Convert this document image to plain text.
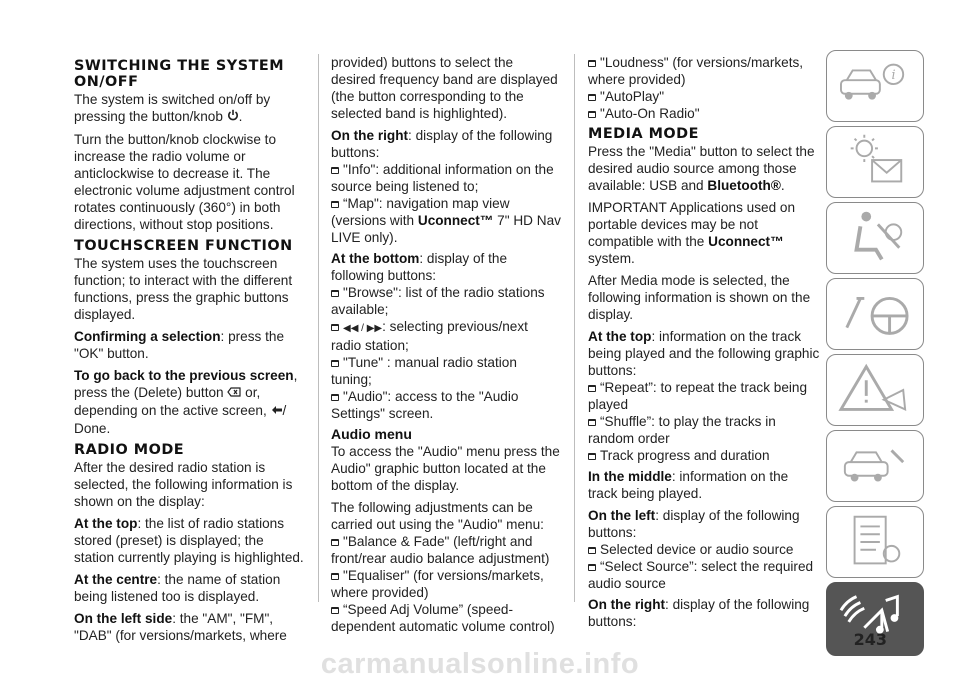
SWITCHING THE SYSTEM ON/OFF

The system is switched on/off by pressing the button/knob .

Turn the button/knob clockwise to increase the radio volume or anticlockwise to decrease it. The electronic volume adjustment control rotates continuously (360°) in both directions, without stop positions.

TOUCHSCREEN FUNCTION

The system uses the touchscreen function; to interact with the different functions, press the graphic buttons displayed.

Confirming a selection: press the "OK" button.

To go back to the previous screen, press the (Delete) button  or, depending on the active screen, / Done.

RADIO MODE

After the desired radio station is selected, the following information is shown on the display:

At the top: the list of radio stations stored (preset) is displayed; the station currently playing is highlighted.

At the centre: the name of station being listened too is displayed.

On the left side: the "AM", "FM", "DAB" (for versions/markets, where

provided) buttons to select the desired frequency band are displayed (the button corresponding to the selected band is highlighted).

On the right: display of the following buttons:

"Info": additional information on the source being listened to;
“Map": navigation map view (versions with Uconnect™ 7" HD Nav LIVE only).

At the bottom: display of the following buttons:

"Browse": list of the radio stations available;
◀◀ / ▶▶: selecting previous/next radio station;
"Tune" : manual radio station tuning;
"Audio": access to the "Audio Settings" screen.
Audio menu

To access the "Audio" menu press the Audio" graphic button located at the bottom of the display.

The following adjustments can be carried out using the "Audio" menu:

"Balance & Fade" (left/right and front/rear audio balance adjustment)
"Equaliser" (for versions/markets, where provided)
“Speed Adj Volume” (speed-dependent automatic volume control)
"Loudness" (for versions/markets, where provided)
"AutoPlay"
"Auto-On Radio"
MEDIA MODE

Press the "Media" button to select the desired audio source among those available: USB and Bluetooth®.

IMPORTANT Applications used on portable devices may be not compatible with the Uconnect™ system.

After Media mode is selected, the following information is shown on the display.

At the top: information on the track being played and the following graphic buttons:

“Repeat”: to repeat the track being played
“Shuffle”: to play the tracks in random order
Track progress and duration

In the middle: information on the track being played.

On the left: display of the following buttons:

Selected device or audio source
“Select Source”: select the required audio source

On the right: display of the following buttons:

i
243
carmanualsonline.info
